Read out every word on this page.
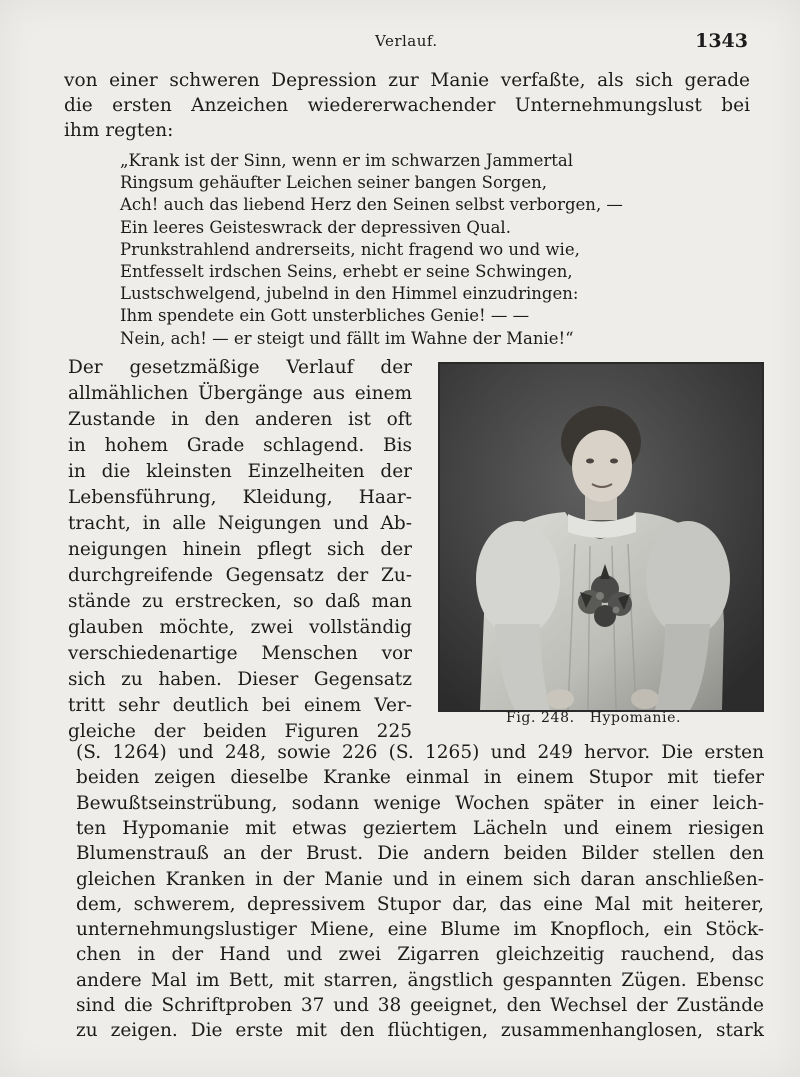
Verlauf.	1343
von einer schweren Depression zur Manie verfaßte, als sich gerade
die ersten Anzeichen wiedererwachender Unternehmungslust bei
ihm regten:
„Krank ist der Sinn, wenn er im schwarzen Jammertal
Ringsum gehäufter Leichen seiner bangen Sorgen,
Ach! auch das liebend Herz den Seinen selbst verborgen, —
Ein leeres Geisteswrack der depressiven Qual.
Prunkstrahlend andrerseits, nicht fragend wo und wie,
Entfesselt irdschen Seins, erhebt er seine Schwingen,
Lustschwelgend, jubelnd in den Himmel einzudringen:
Ihm spendete ein Gott unsterbliches Genie! — —
Nein, ach! — er steigt und fällt im Wahne der Manie!“
Der gesetzmäßige Verlauf der
allmählichen Übergänge aus einem
Zustande in den anderen ist oft
in hohem Grade schlagend. Bis
in die kleinsten Einzelheiten der
Lebensführung, Kleidung, Haar-
tracht, in alle Neigungen und Ab-
neigungen hinein pflegt sich der
durchgreifende Gegensatz der Zu-
stände zu erstrecken, so daß man
glauben möchte, zwei vollständig
verschiedenartige Menschen vor
sich zu haben. Dieser Gegensatz
tritt sehr deutlich bei einem Ver-
gleiche der beiden Figuren 225
Fig. 248. Hypomanie.
(S. 1264) und 248, sowie 226 (S. 1265) und 249 hervor. Die ersten
beiden zeigen dieselbe Kranke einmal in einem Stupor mit tiefer
Bewußtseinstrübung, sodann wenige Wochen später in einer leich-
ten Hypomanie mit etwas geziertem Lächeln und einem riesigen
Blumenstrauß an der Brust. Die andern beiden Bilder stellen den
gleichen Kranken in der Manie und in einem sich daran anschließen-
dem, schwerem, depressivem Stupor dar, das eine Mal mit heiterer,
unternehmungslustiger Miene, eine Blume im Knopfloch, ein Stöck-
chen in der Hand und zwei Zigarren gleichzeitig rauchend, das
andere Mal im Bett, mit starren, ängstlich gespannten Zügen. Ebensc
sind die Schriftproben 37 und 38 geeignet, den Wechsel der Zustände
zu zeigen. Die erste mit den flüchtigen, zusammenhanglosen, stark
